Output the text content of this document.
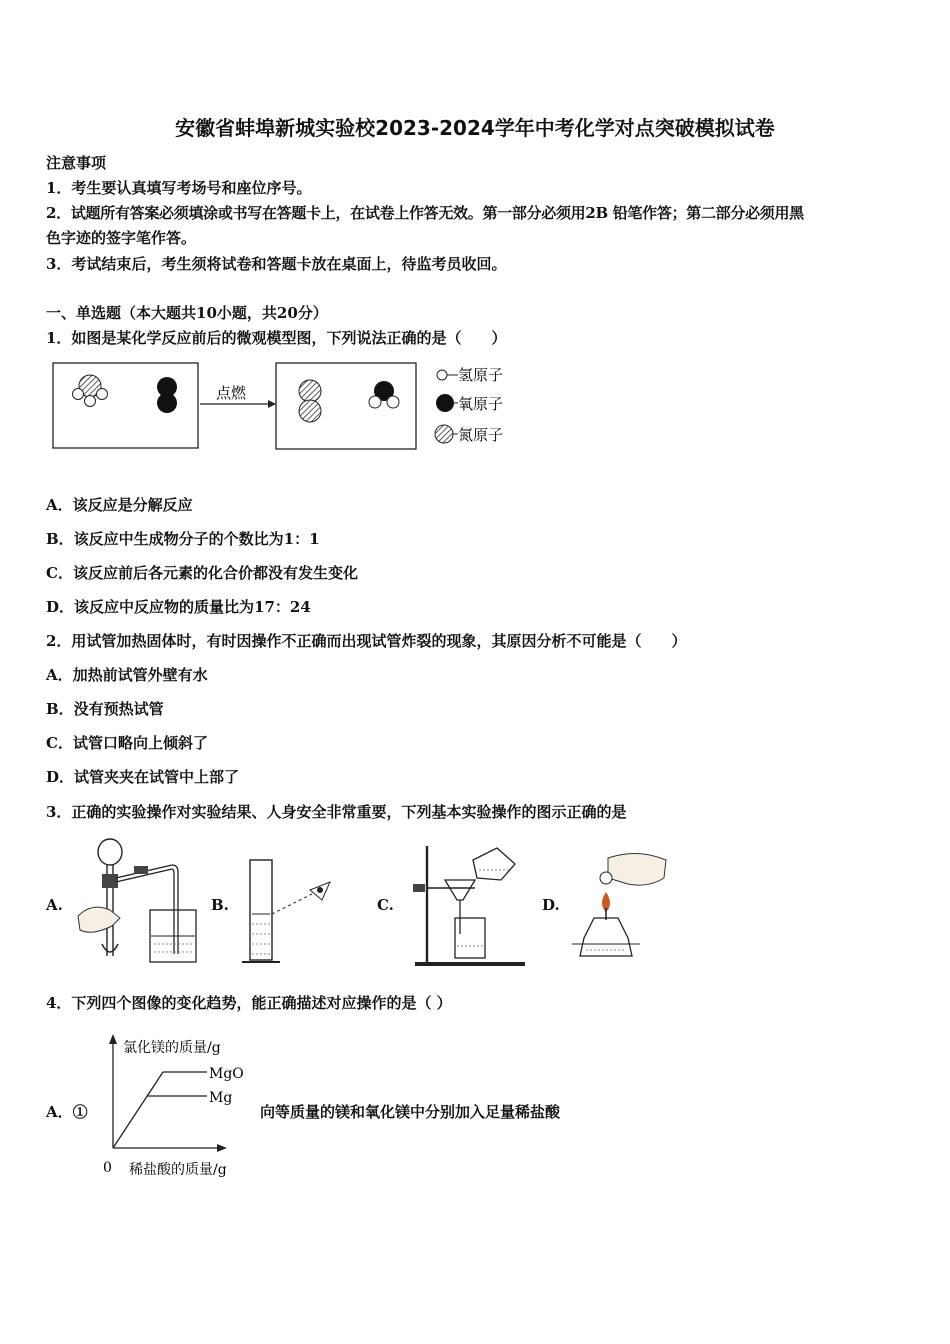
安徽省蚌埠新城实验校2023-2024学年中考化学对点突破模拟试卷
注意事项
1．考生要认真填写考场号和座位序号。
2．试题所有答案必须填涂或书写在答题卡上，在试卷上作答无效。第一部分必须用2B 铅笔作答；第二部分必须用黑
色字迹的签字笔作答。
3．考试结束后，考生须将试卷和答题卡放在桌面上，待监考员收回。
一、单选题（本大题共10小题，共20分）
1．如图是某化学反应前后的微观模型图，下列说法正确的是（　　）
点燃
氢原子
氧原子
氮原子
A．该反应是分解反应
B．该反应中生成物分子的个数比为1：1
C．该反应前后各元素的化合价都没有发生变化
D．该反应中反应物的质量比为17：24
2．用试管加热固体时，有时因操作不正确而出现试管炸裂的现象，其原因分析不可能是（　　）
A．加热前试管外壁有水
B．没有预热试管
C．试管口略向上倾斜了
D．试管夹夹在试管中上部了
3．正确的实验操作对实验结果、人身安全非常重要，下列基本实验操作的图示正确的是
A.	B.	C.	D.
4．下列四个图像的变化趋势，能正确描述对应操作的是（ ）
A．①
氯化镁的质量/g
MgO
Mg
0 稀盐酸的质量/g
向等质量的镁和氧化镁中分别加入足量稀盐酸
